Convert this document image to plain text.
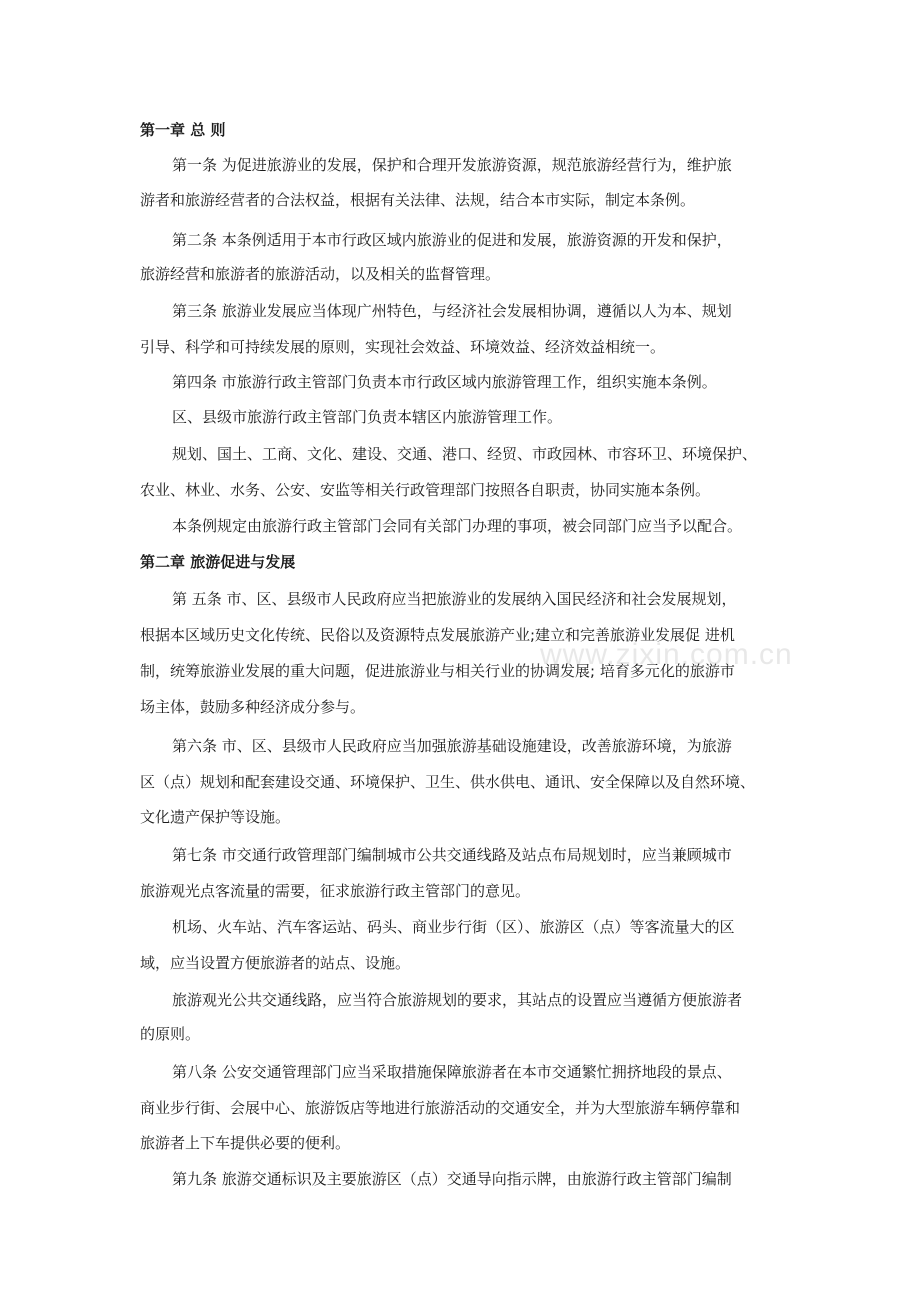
第一章 总 则
第一条 为促进旅游业的发展，保护和合理开发旅游资源，规范旅游经营行为，维护旅
游者和旅游经营者的合法权益，根据有关法律、法规，结合本市实际，制定本条例。
第二条 本条例适用于本市行政区域内旅游业的促进和发展，旅游资源的开发和保护，
旅游经营和旅游者的旅游活动，以及相关的监督管理。
第三条 旅游业发展应当体现广州特色，与经济社会发展相协调，遵循以人为本、规划
引导、科学和可持续发展的原则，实现社会效益、环境效益、经济效益相统一。
第四条 市旅游行政主管部门负责本市行政区域内旅游管理工作，组织实施本条例。
区、县级市旅游行政主管部门负责本辖区内旅游管理工作。
规划、国土、工商、文化、建设、交通、港口、经贸、市政园林、市容环卫、环境保护、
农业、林业、水务、公安、安监等相关行政管理部门按照各自职责，协同实施本条例。
本条例规定由旅游行政主管部门会同有关部门办理的事项，被会同部门应当予以配合。
第二章 旅游促进与发展
第 五条 市、区、县级市人民政府应当把旅游业的发展纳入国民经济和社会发展规划，
根据本区域历史文化传统、民俗以及资源特点发展旅游产业;建立和完善旅游业发展促 进机
制，统筹旅游业发展的重大问题，促进旅游业与相关行业的协调发展; 培育多元化的旅游市
场主体，鼓励多种经济成分参与。
第六条 市、区、县级市人民政府应当加强旅游基础设施建设，改善旅游环境，为旅游
区（点）规划和配套建设交通、环境保护、卫生、供水供电、通讯、安全保障以及自然环境、
文化遗产保护等设施。
第七条 市交通行政管理部门编制城市公共交通线路及站点布局规划时，应当兼顾城市
旅游观光点客流量的需要，征求旅游行政主管部门的意见。
机场、火车站、汽车客运站、码头、商业步行街（区）、旅游区（点）等客流量大的区
域，应当设置方便旅游者的站点、设施。
旅游观光公共交通线路，应当符合旅游规划的要求，其站点的设置应当遵循方便旅游者
的原则。
第八条 公安交通管理部门应当采取措施保障旅游者在本市交通繁忙拥挤地段的景点、
商业步行街、会展中心、旅游饭店等地进行旅游活动的交通安全，并为大型旅游车辆停靠和
旅游者上下车提供必要的便利。
第九条 旅游交通标识及主要旅游区（点）交通导向指示牌，由旅游行政主管部门编制
www.zixin.com.cn
